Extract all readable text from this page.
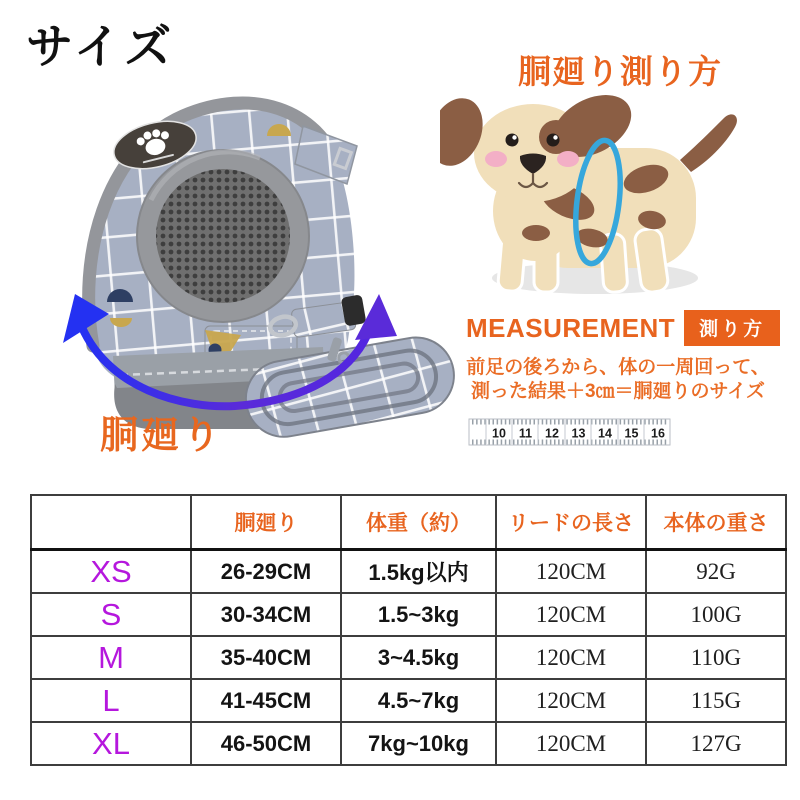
サイズ
胴廻り
胴廻り測り方
MEASUREMENT	測り方
前足の後ろから、体の一周回って、
測った結果＋3㎝＝胴廻りのサイズ
10 11 12 13 14 15 16
	胴廻り	体重（約）	リードの長さ	本体の重さ
XS	26-29CM	1.5kg以内	120CM	92G
S	30-34CM	1.5~3kg	120CM	100G
M	35-40CM	3~4.5kg	120CM	110G
L	41-45CM	4.5~7kg	120CM	115G
XL	46-50CM	7kg~10kg	120CM	127G
